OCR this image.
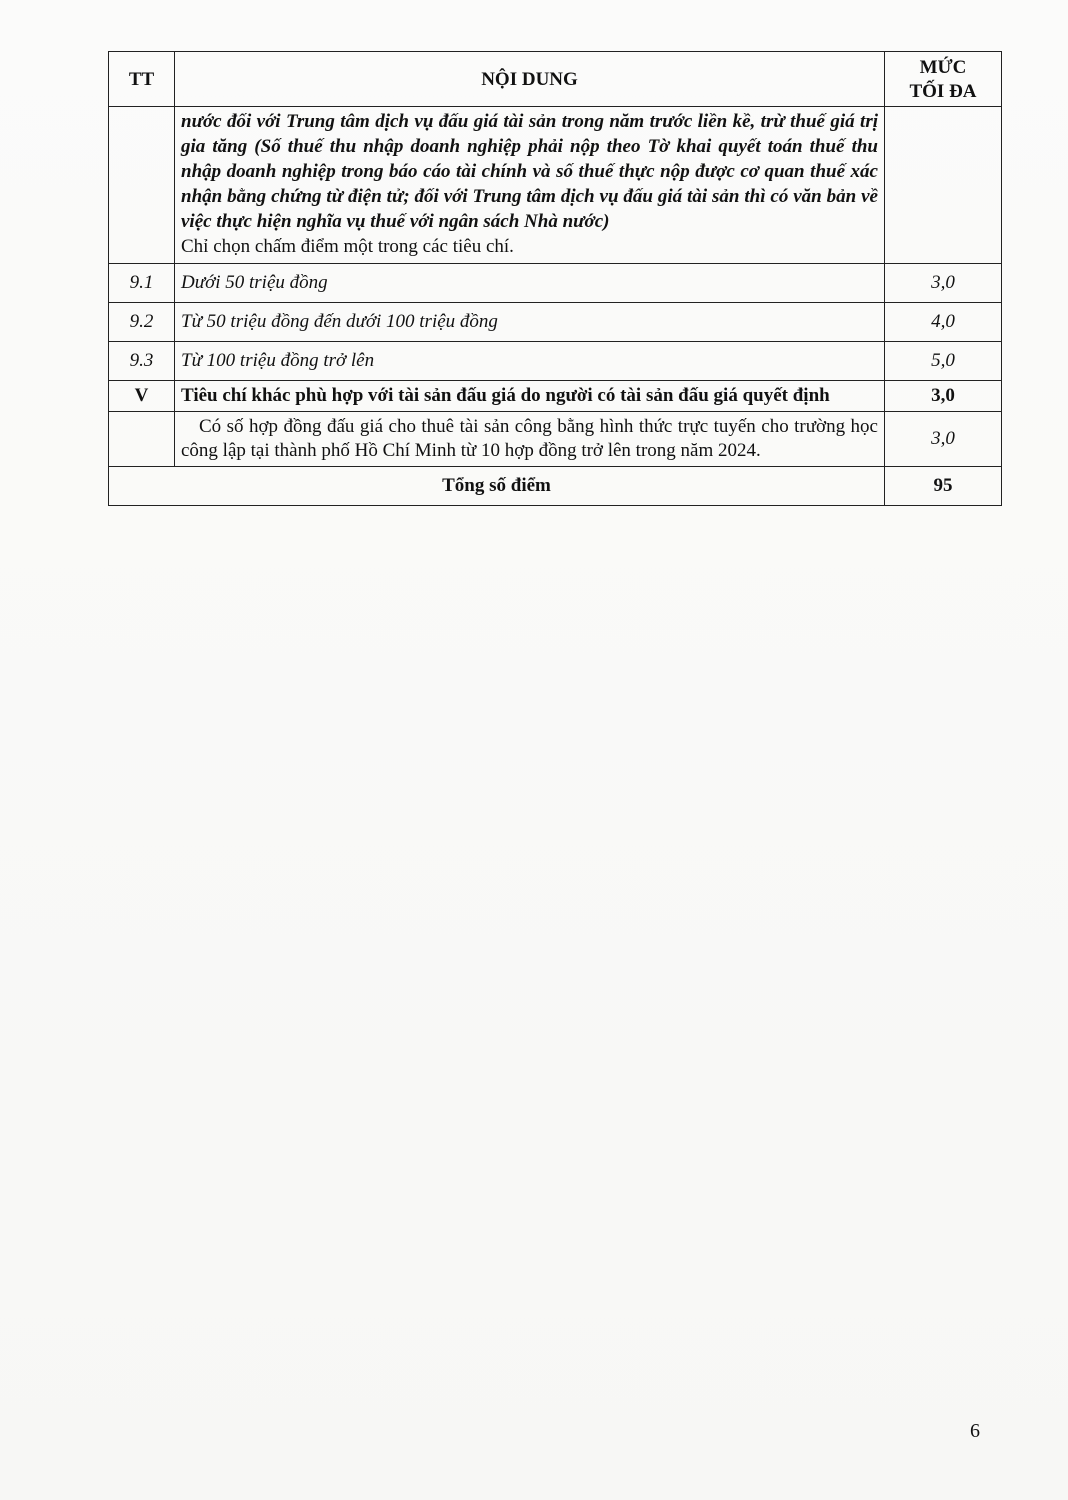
TT	NỘI DUNG	MỨC
TỐI ĐA

	nước đối với Trung tâm dịch vụ đấu giá tài sản trong năm trước liền kề, trừ thuế giá trị gia tăng (Số thuế thu nhập doanh nghiệp phải nộp theo Tờ khai quyết toán thuế thu nhập doanh nghiệp trong báo cáo tài chính và số thuế thực nộp được cơ quan thuế xác nhận bằng chứng từ điện tử; đối với Trung tâm dịch vụ đấu giá tài sản thì có văn bản về việc thực hiện nghĩa vụ thuế với ngân sách Nhà nước)
Chỉ chọn chấm điểm một trong các tiêu chí.	

9.1	Dưới 50 triệu đồng	3,0
9.2	Từ 50 triệu đồng đến dưới 100 triệu đồng	4,0
9.3	Từ 100 triệu đồng trở lên	5,0
V	Tiêu chí khác phù hợp với tài sản đấu giá do người có tài sản đấu giá quyết định	3,0
	Có số hợp đồng đấu giá cho thuê tài sản công bằng hình thức trực tuyến cho trường học công lập tại thành phố Hồ Chí Minh từ 10 hợp đồng trở lên trong năm 2024.	3,0
Tổng số điểm		95
6
